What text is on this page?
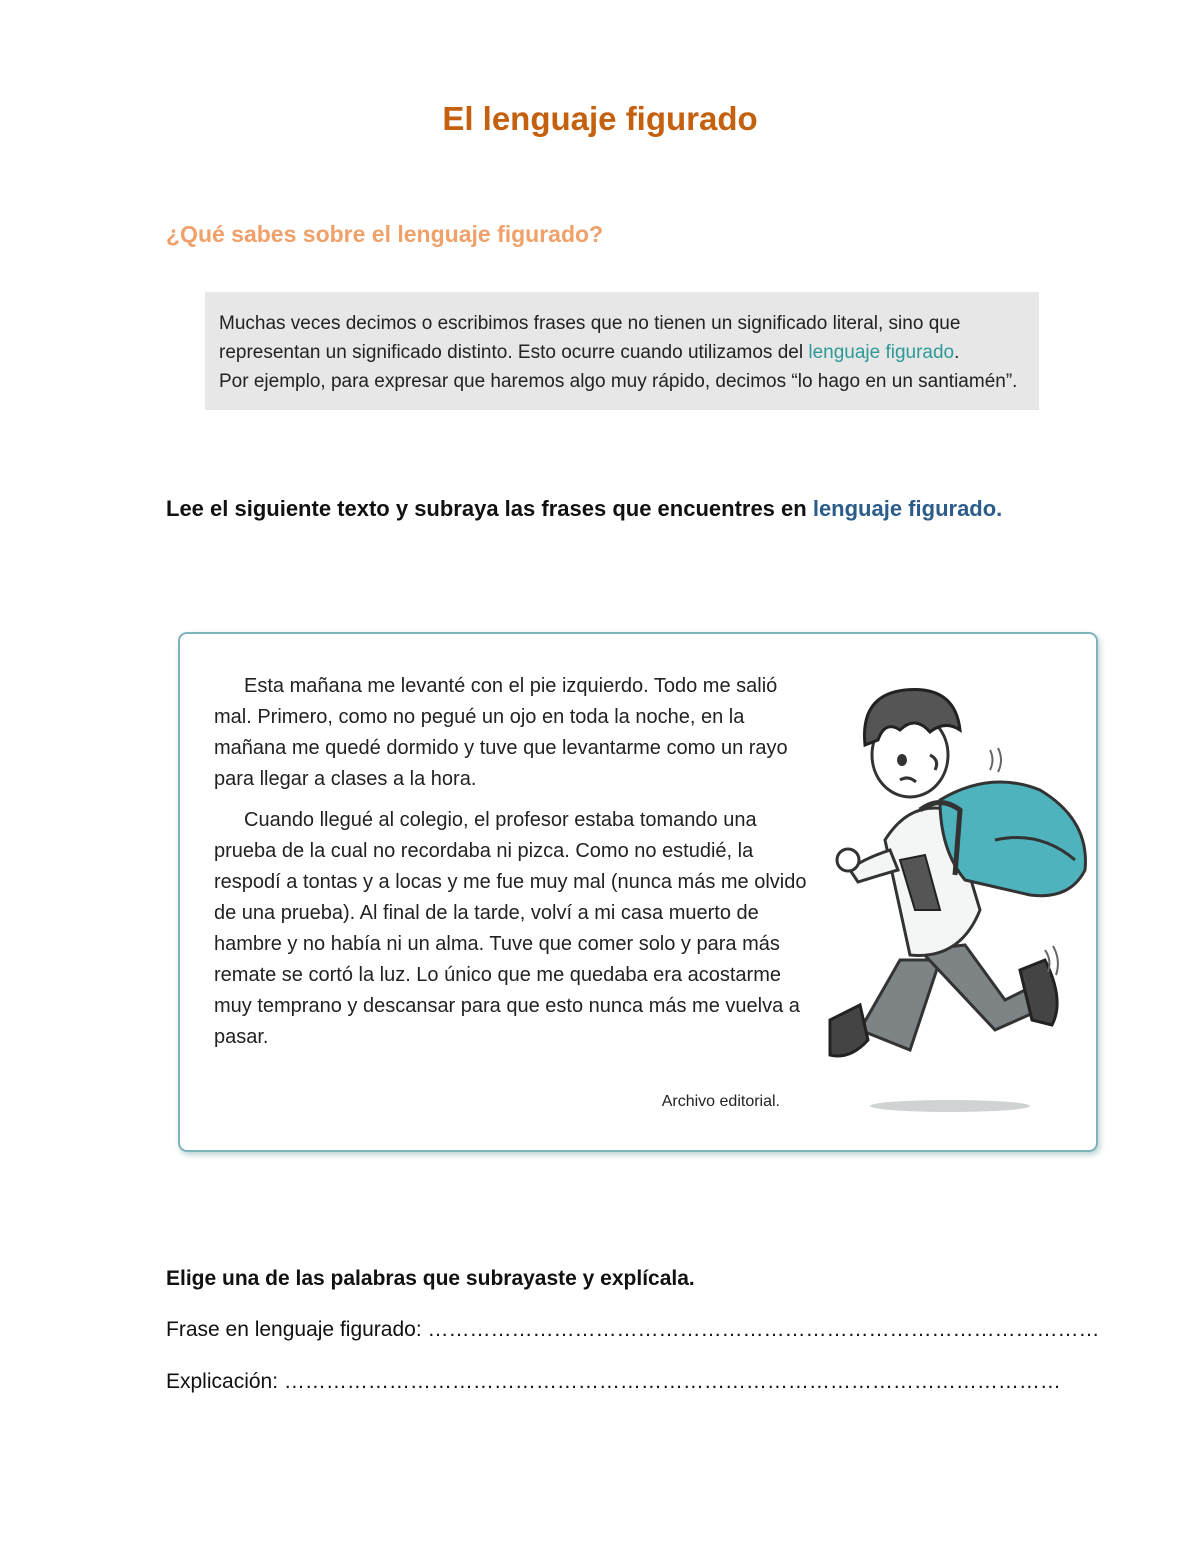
El lenguaje figurado
¿Qué sabes sobre el lenguaje figurado?
Muchas veces decimos o escribimos frases que no tienen un significado literal, sino que
representan un significado distinto. Esto ocurre cuando utilizamos del lenguaje figurado.
Por ejemplo, para expresar que haremos algo muy rápido, decimos “lo hago en un santiamén”.
Lee el siguiente texto y subraya las frases que encuentres en lenguaje figurado.

Esta mañana me levanté con el pie izquierdo. Todo me salió mal. Primero, como no pegué un ojo en toda la noche, en la mañana me quedé dormido y tuve que levantarme como un rayo para llegar a clases a la hora.

Cuando llegué al colegio, el profesor estaba tomando una prueba de la cual no recordaba ni pizca. Como no estudié, la respodí a tontas y a locas y me fue muy mal (nunca más me olvido de una prueba). Al final de la tarde, volví a mi casa muerto de hambre y no había ni un alma. Tuve que comer solo y para más remate se cortó la luz. Lo único que me quedaba era acostarme muy temprano y descansar para que esto nunca más me vuelva a pasar.

Archivo editorial.
Elige una de las palabras que subrayaste y explícala.
Frase en lenguaje figurado: ……………………………………………………………………………………
Explicación: …………………………………………………………………………………………………
